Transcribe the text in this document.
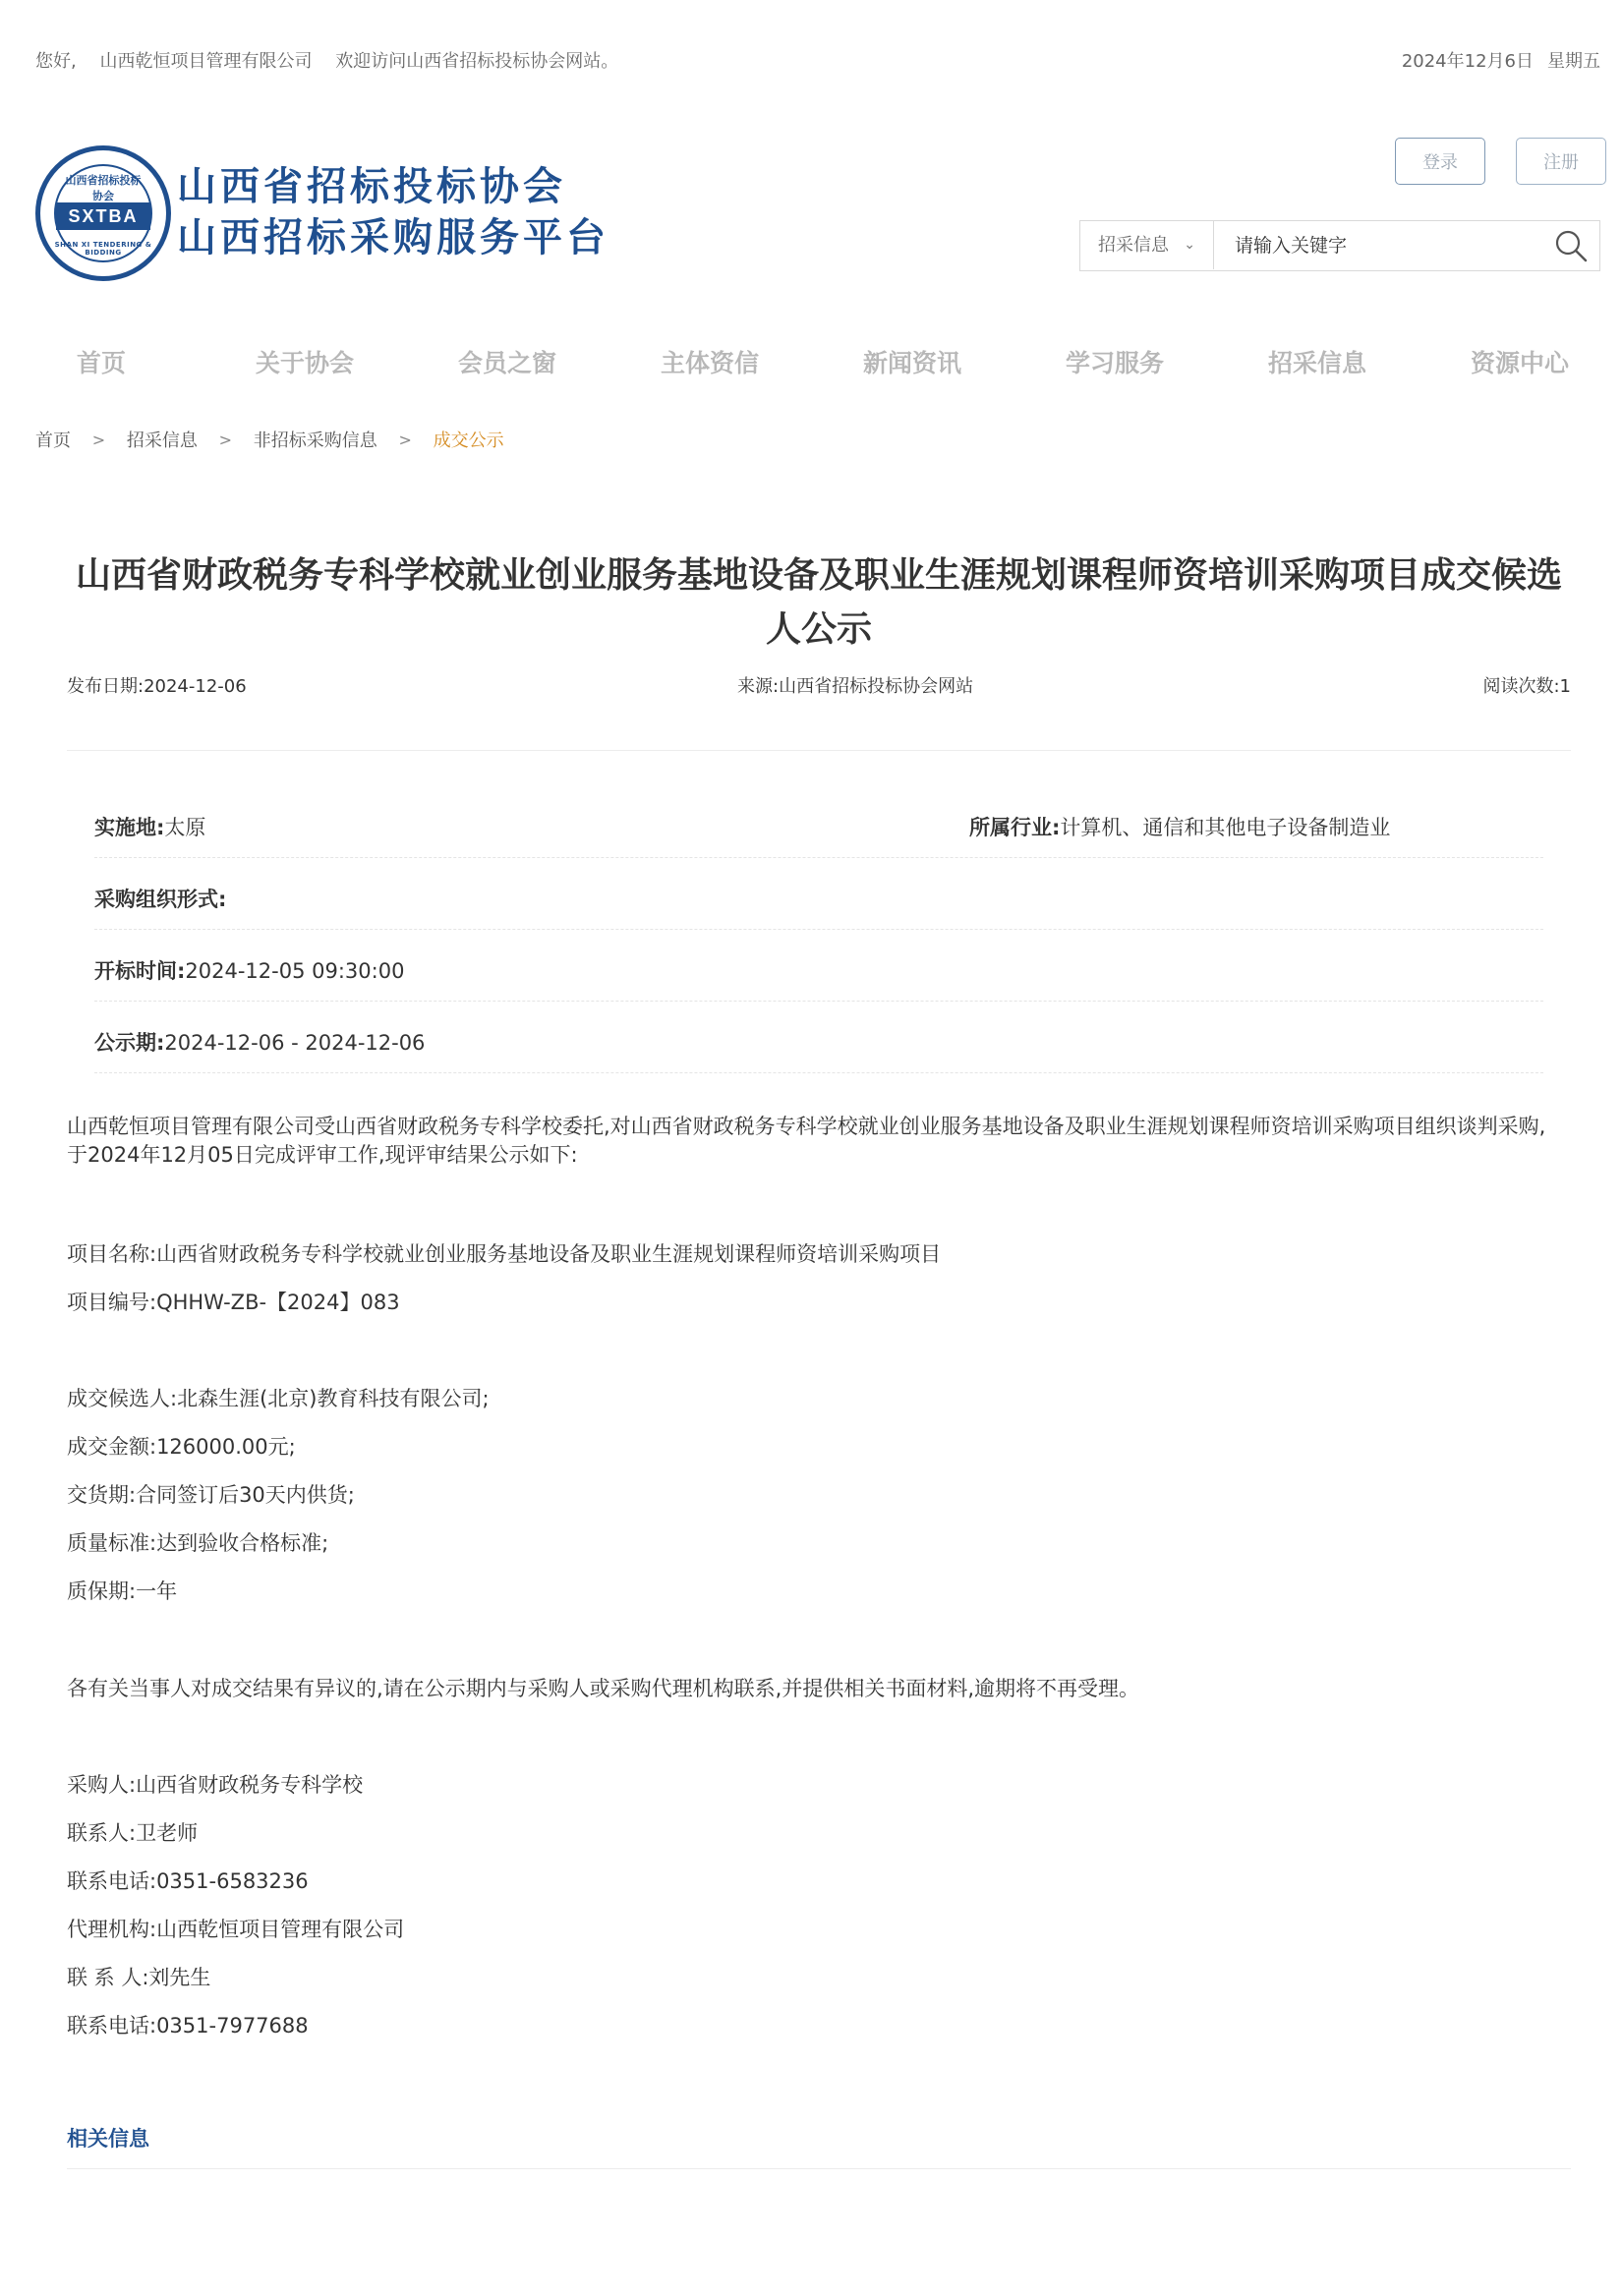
您好, 山西乾恒项目管理有限公司 欢迎访问山西省招标投标协会网站。	2024年12月6日 星期五
山西省招标投标协会
SXTBA
SHAN XI TENDERING & BIDDING
山西省招标投标协会
山西招标采购服务平台
登录	注册
招采信息 ⌄
请输入关键字
首页	关于协会	会员之窗	主体资信	新闻资讯	学习服务	招采信息	资源中心
首页 > 招采信息 > 非招标采购信息 > 成交公示
山西省财政税务专科学校就业创业服务基地设备及职业生涯规划课程师资培训采购项目成交候选人公示
发布日期:2024-12-06	来源:山西省招标投标协会网站	阅读次数:1
实施地:太原	所属行业:计算机、通信和其他电子设备制造业
采购组织形式:
开标时间:2024-12-05 09:30:00
公示期:2024-12-06 - 2024-12-06

山西乾恒项目管理有限公司受山西省财政税务专科学校委托,对山西省财政税务专科学校就业创业服务基地设备及职业生涯规划课程师资培训采购项目组织谈判采购,于2024年12月05日完成评审工作,现评审结果公示如下:

项目名称:山西省财政税务专科学校就业创业服务基地设备及职业生涯规划课程师资培训采购项目
项目编号:QHHW-ZB-【2024】083
成交候选人:北森生涯(北京)教育科技有限公司;
成交金额:126000.00元;
交货期:合同签订后30天内供货;
质量标准:达到验收合格标准;
质保期:一年
各有关当事人对成交结果有异议的,请在公示期内与采购人或采购代理机构联系,并提供相关书面材料,逾期将不再受理。
采购人:山西省财政税务专科学校
联系人:卫老师
联系电话:0351-6583236
代理机构:山西乾恒项目管理有限公司
联 系 人:刘先生
联系电话:0351-7977688
相关信息
